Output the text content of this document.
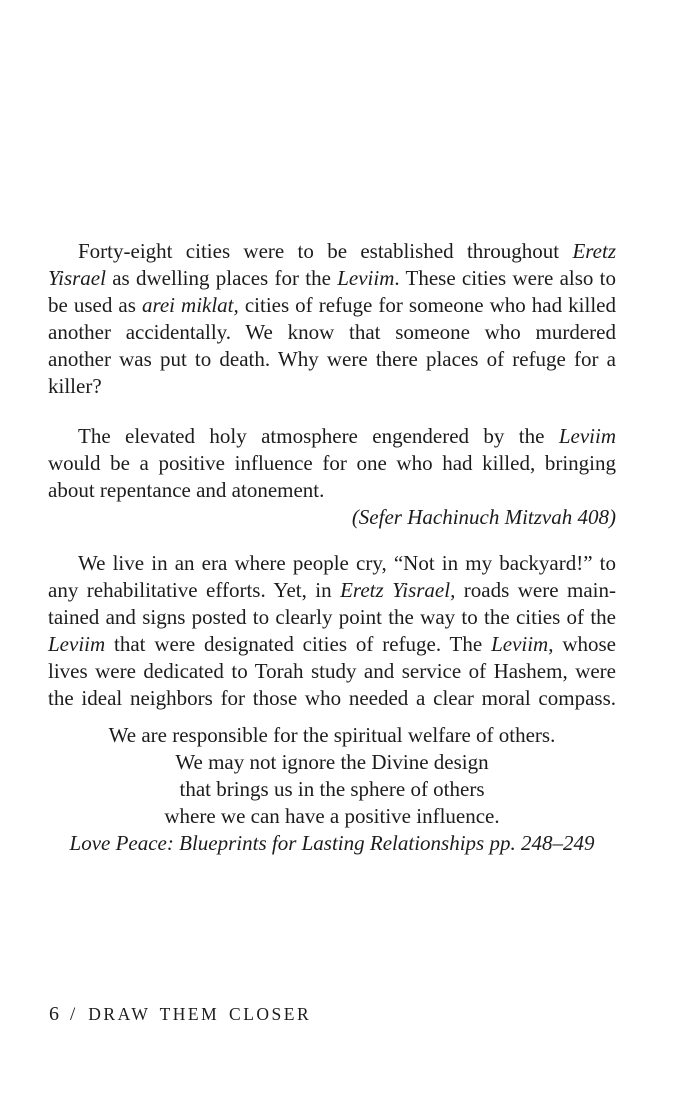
Forty-eight cities were to be established throughout Eretz
Yisrael as dwelling places for the Leviim. These cities were also to
be used as arei miklat, cities of refuge for someone who had killed
another accidentally. We know that someone who murdered
another was put to death. Why were there places of refuge for a
killer?
The elevated holy atmosphere engendered by the Leviim
would be a positive influence for one who had killed, bringing
about repentance and atonement.
(Sefer Hachinuch Mitzvah 408)
We live in an era where people cry, “Not in my backyard!” to
any rehabilitative efforts. Yet, in Eretz Yisrael, roads were main-
tained and signs posted to clearly point the way to the cities of the
Leviim that were designated cities of refuge. The Leviim, whose
lives were dedicated to Torah study and service of Hashem, were
the ideal neighbors for those who needed a clear moral compass.
We are responsible for the spiritual welfare of others.
We may not ignore the Divine design
that brings us in the sphere of others
where we can have a positive influence.
Love Peace: Blueprints for Lasting Relationships pp. 248–249
6 / DRAW THEM CLOSER
